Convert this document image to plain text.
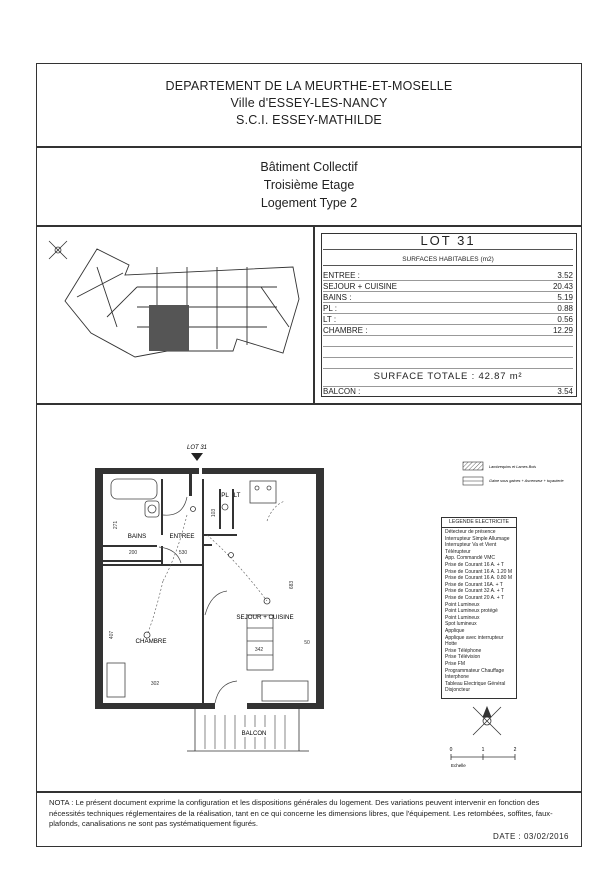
DEPARTEMENT DE LA MEURTHE-ET-MOSELLE
Ville d'ESSEY-LES-NANCY
S.C.I. ESSEY-MATHILDE
Bâtiment Collectif
Troisième Etage
Logement Type 2
LOT 31
SURFACES HABITABLES (m2)
ENTREE :	3.52
SEJOUR + CUISINE	20.43
BAINS :	5.19
PL :	0.88
LT :	0.56
CHAMBRE :	12.29
SURFACE TOTALE : 42.87 m²
BALCON :	3.54
LOT 31
BAINS	ENTREE
PL LT
CHAMBRE
SEJOUR + CUISINE
200	530
407
302
342
683
271
103
50
BALCON
Lambrequins et Lames Bois
Gaine sous gaines + Ascenseur + tuyauterie
0	1	2
Echelle
LEGENDE ELECTRICITE
Détecteur de présence
Interrupteur Simple Allumage
Interrupteur Va et Vient
Télérupteur
App. Commandé VMC
Prise de Courant 16 A. + T
Prise de Courant 16 A. 1.20 M
Prise de Courant 16 A. 0.80 M
Prise de Courant 16A. + T
Prise de Courant 32 A. + T
Prise de Courant 20 A. + T
Point Lumineux
Point Lumineux protégé
Point Lumineux
Spot lumineux
Applique
Applique avec interrupteur
Hotte
Prise Téléphone
Prise Télévision
Prise FM
Programmateur Chauffage
Interphone
Tableau Electrique Général
Disjoncteur
NOTA : Le présent document exprime la configuration et les dispositions générales du logement. Des variations peuvent intervenir en fonction des nécessités techniques réglementaires de la réalisation, tant en ce qui concerne les dimensions libres, que l'équipement. Les retombées, soffites, faux-plafonds, canalisations ne sont pas systématiquement figurés.
DATE : 03/02/2016
